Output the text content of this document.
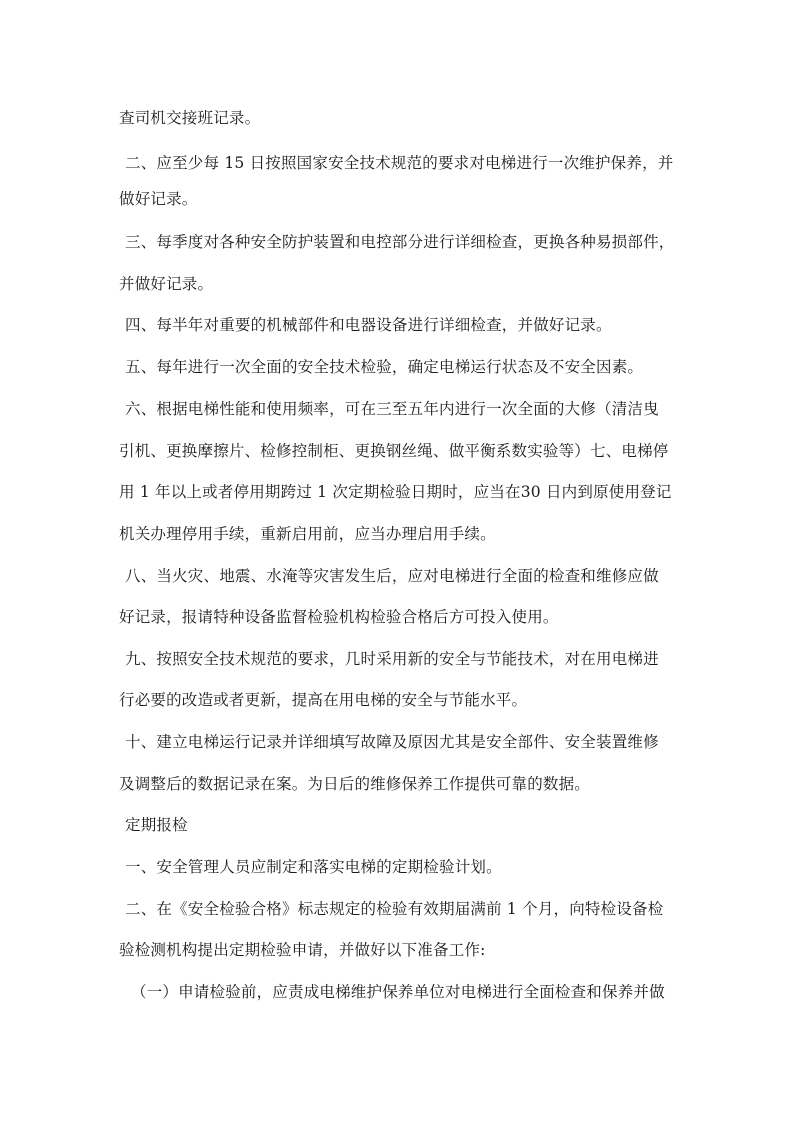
查司机交接班记录。
二、应至少每 15 日按照国家安全技术规范的要求对电梯进行一次维护保养，并
做好记录。
三、每季度对各种安全防护装置和电控部分进行详细检查，更换各种易损部件，
并做好记录。
四、每半年对重要的机械部件和电器设备进行详细检查，并做好记录。
五、每年进行一次全面的安全技术检验，确定电梯运行状态及不安全因素。
六、根据电梯性能和使用频率，可在三至五年内进行一次全面的大修（清洁曳
引机、更换摩擦片、检修控制柜、更换钢丝绳、做平衡系数实验等）七、电梯停
用 1 年以上或者停用期跨过 1 次定期检验日期时，应当在30 日内到原使用登记
机关办理停用手续，重新启用前，应当办理启用手续。
八、当火灾、地震、水淹等灾害发生后，应对电梯进行全面的检查和维修应做
好记录，报请特种设备监督检验机构检验合格后方可投入使用。
九、按照安全技术规范的要求，几时采用新的安全与节能技术，对在用电梯进
行必要的改造或者更新，提高在用电梯的安全与节能水平。
十、建立电梯运行记录并详细填写故障及原因尤其是安全部件、安全装置维修
及调整后的数据记录在案。为日后的维修保养工作提供可靠的数据。
定期报检
一、安全管理人员应制定和落实电梯的定期检验计划。
二、在《安全检验合格》标志规定的检验有效期届满前 1 个月，向特检设备检
验检测机构提出定期检验申请，并做好以下准备工作:
（一）申请检验前，应责成电梯维护保养单位对电梯进行全面检查和保养并做
